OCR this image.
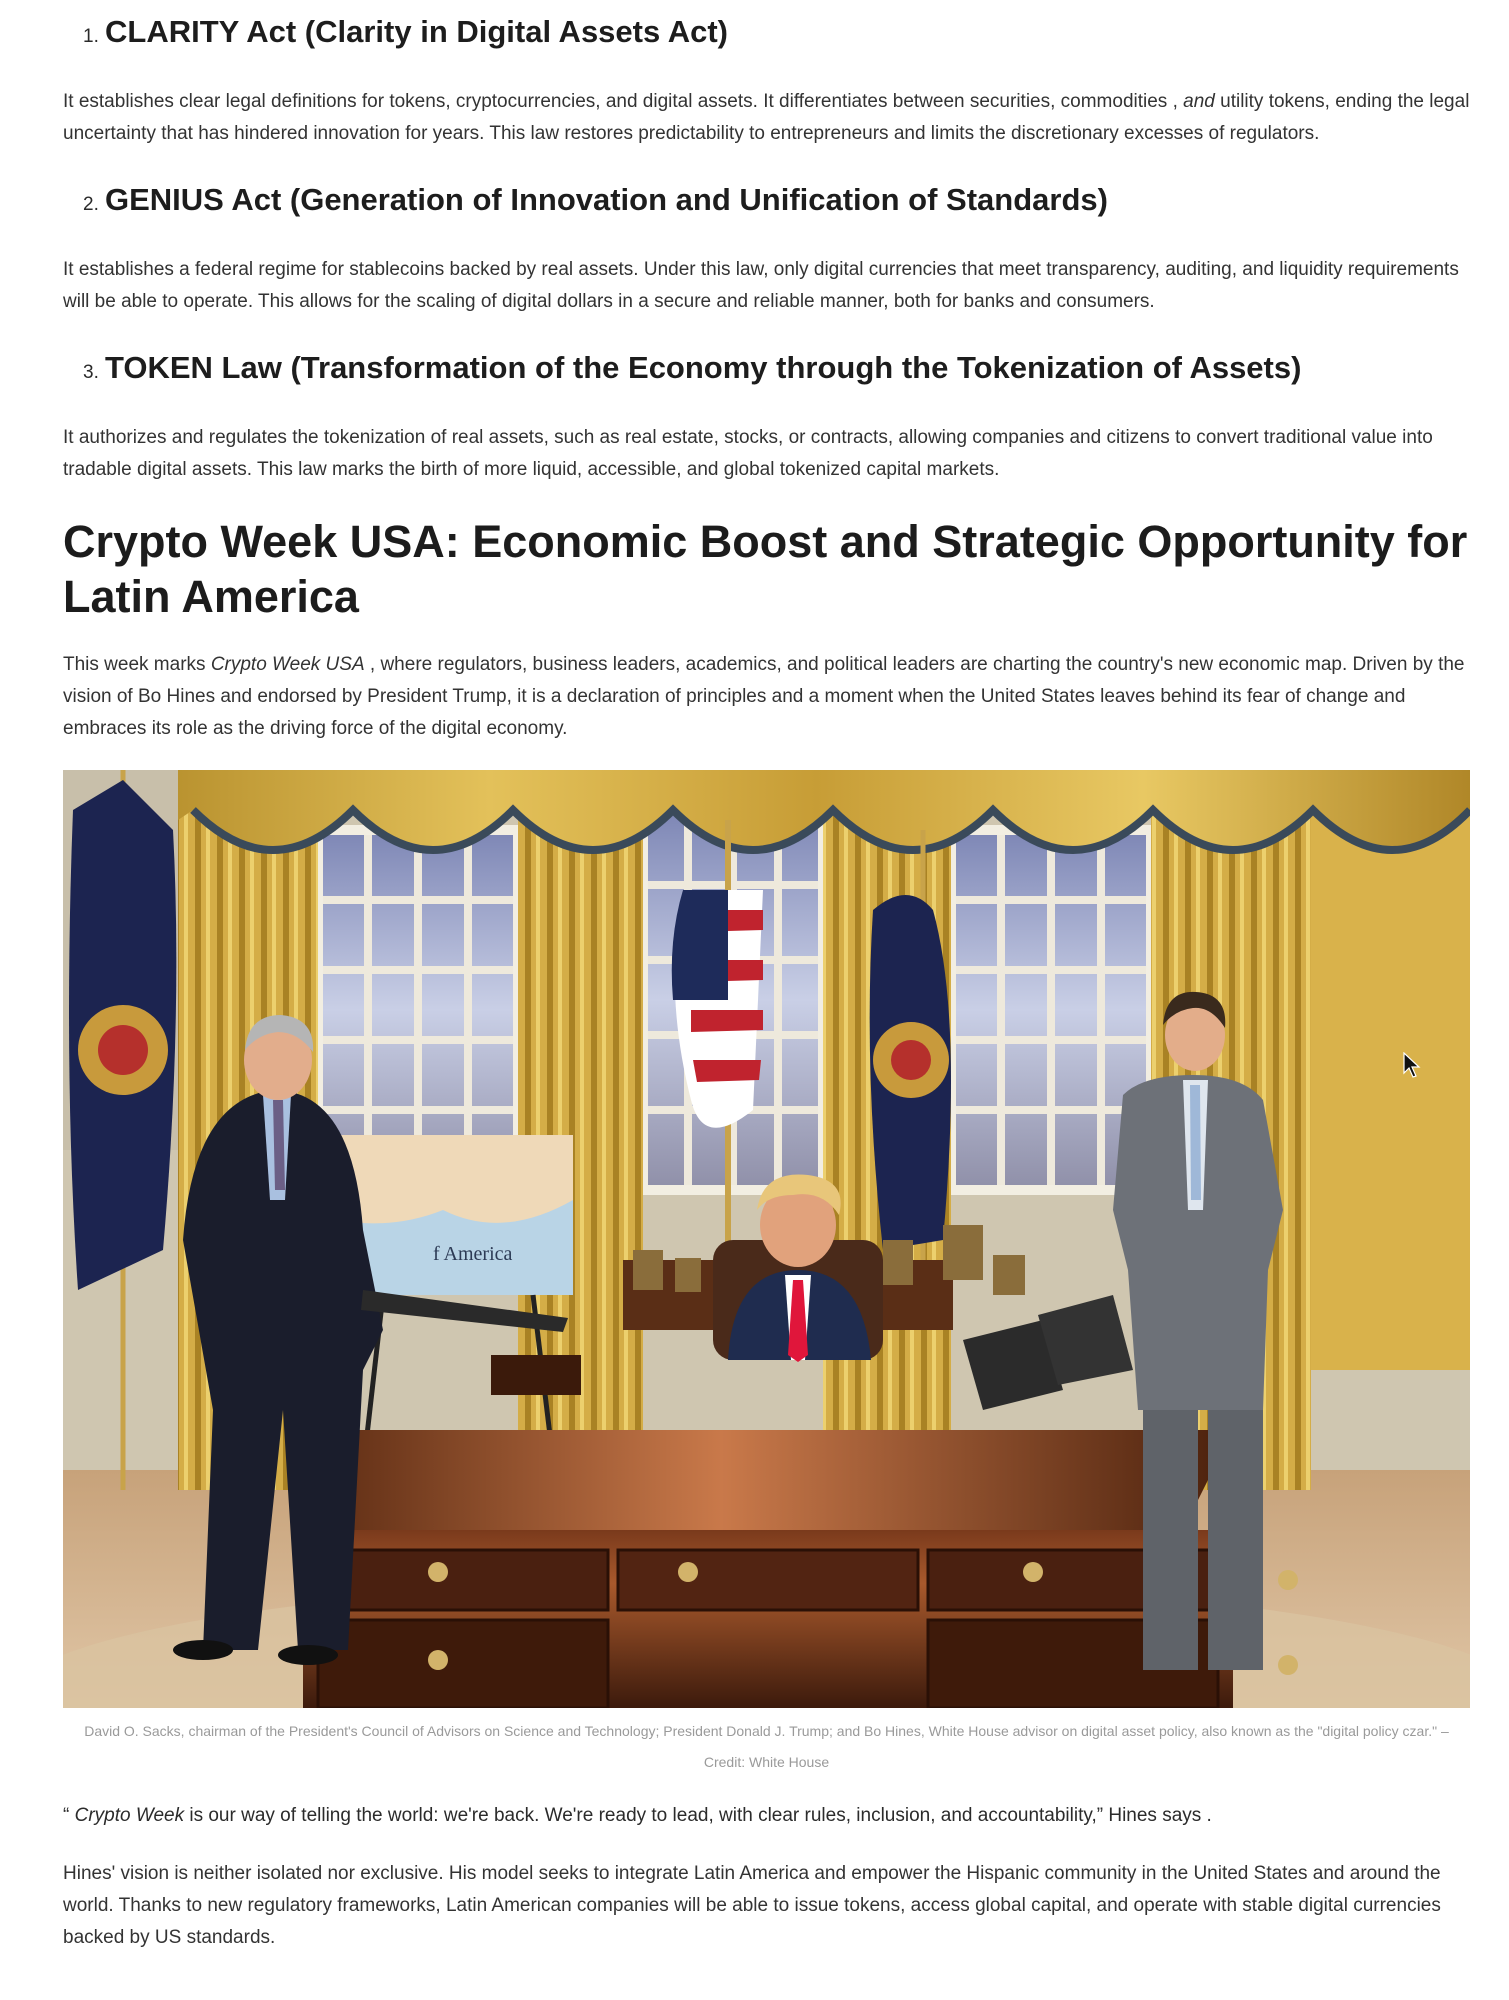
1. CLARITY Act (Clarity in Digital Assets Act)

It establishes clear legal definitions for tokens, cryptocurrencies, and digital assets. It differentiates between securities, commodities , and utility tokens, ending the legal uncertainty that has hindered innovation for years. This law restores predictability to entrepreneurs and limits the discretionary excesses of regulators.

2. GENIUS Act (Generation of Innovation and Unification of Standards)

It establishes a federal regime for stablecoins backed by real assets. Under this law, only digital currencies that meet transparency, auditing, and liquidity requirements will be able to operate. This allows for the scaling of digital dollars in a secure and reliable manner, both for banks and consumers.

3. TOKEN Law (Transformation of the Economy through the Tokenization of Assets)

It authorizes and regulates the tokenization of real assets, such as real estate, stocks, or contracts, allowing companies and citizens to convert traditional value into tradable digital assets. This law marks the birth of more liquid, accessible, and global tokenized capital markets.

Crypto Week USA: Economic Boost and Strategic Opportunity for Latin America

This week marks Crypto Week USA , where regulators, business leaders, academics, and political leaders are charting the country's new economic map. Driven by the vision of Bo Hines and endorsed by President Trump, it is a declaration of principles and a moment when the United States leaves behind its fear of change and embraces its role as the driving force of the digital economy.

f America

David O. Sacks, chairman of the President's Council of Advisors on Science and Technology; President Donald J. Trump; and Bo Hines, White House advisor on digital asset policy, also known as the "digital policy czar." – Credit: White House

“ Crypto Week is our way of telling the world: we're back. We're ready to lead, with clear rules, inclusion, and accountability,” Hines says .

Hines' vision is neither isolated nor exclusive. His model seeks to integrate Latin America and empower the Hispanic community in the United States and around the world. Thanks to new regulatory frameworks, Latin American companies will be able to issue tokens, access global capital, and operate with stable digital currencies backed by US standards.
